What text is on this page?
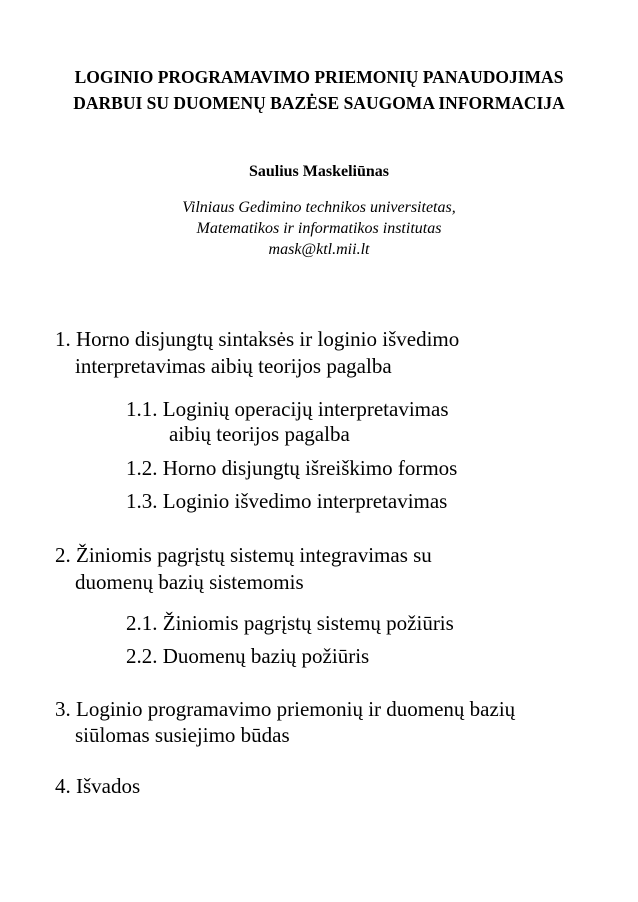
LOGINIO PROGRAMAVIMO PRIEMONIŲ PANAUDOJIMAS
DARBUI SU DUOMENŲ BAZĖSE SAUGOMA INFORMACIJA
Saulius Maskeliūnas
Vilniaus Gedimino technikos universitetas,
Matematikos ir informatikos institutas
mask@ktl.mii.lt
1. Horno disjungtų sintaksės ir loginio išvedimo
interpretavimas aibių teorijos pagalba
1.1. Loginių operacijų interpretavimas
aibių teorijos pagalba
1.2. Horno disjungtų išreiškimo formos
1.3. Loginio išvedimo interpretavimas
2. Žiniomis pagrįstų sistemų integravimas su
duomenų bazių sistemomis
2.1. Žiniomis pagrįstų sistemų požiūris
2.2. Duomenų bazių požiūris
3. Loginio programavimo priemonių ir duomenų bazių
siūlomas susiejimo būdas
4. Išvados
